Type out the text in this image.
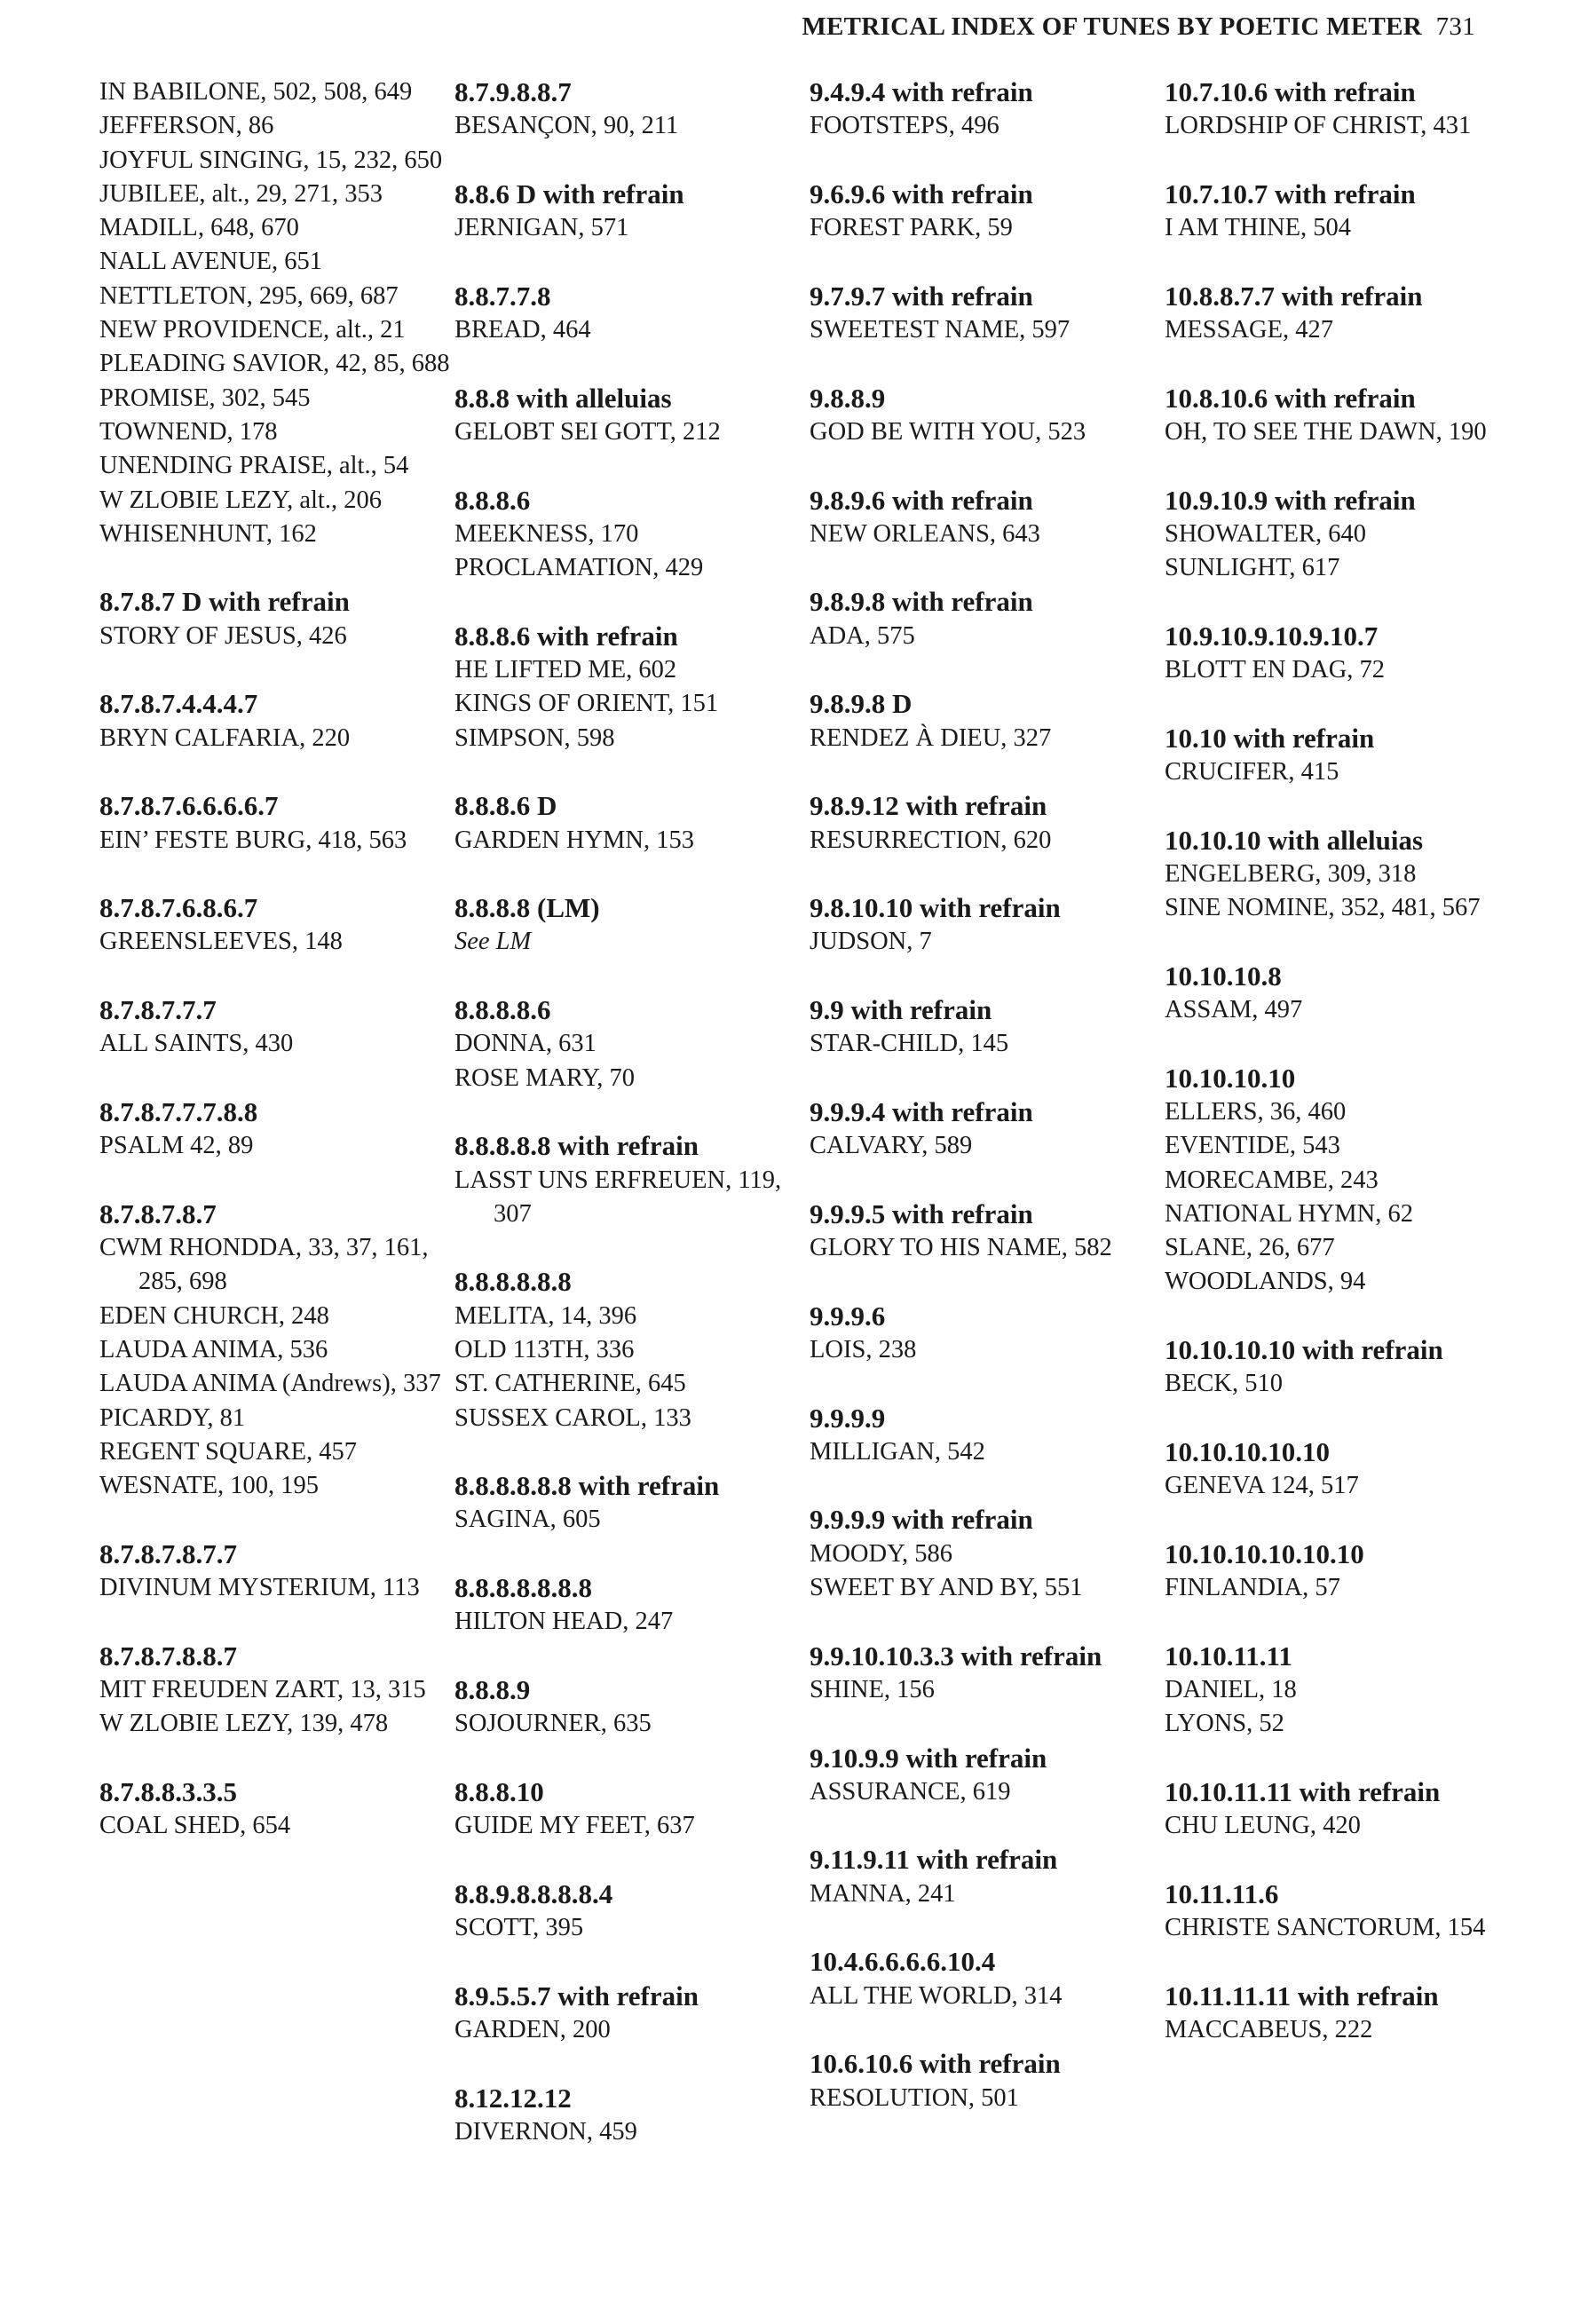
METRICAL INDEX OF TUNES BY POETIC METER 731
IN BABILONE, 502, 508, 649
JEFFERSON, 86
JOYFUL SINGING, 15, 232, 650
JUBILEE, alt., 29, 271, 353
MADILL, 648, 670
NALL AVENUE, 651
NETTLETON, 295, 669, 687
NEW PROVIDENCE, alt., 21
PLEADING SAVIOR, 42, 85, 688
PROMISE, 302, 545
TOWNEND, 178
UNENDING PRAISE, alt., 54
W ZLOBIE LEZY, alt., 206
WHISENHUNT, 162
8.7.8.7 D with refrain
STORY OF JESUS, 426
8.7.8.7.4.4.4.7
BRYN CALFARIA, 220
8.7.8.7.6.6.6.6.7
EIN’ FESTE BURG, 418, 563
8.7.8.7.6.8.6.7
GREENSLEEVES, 148
8.7.8.7.7.7
ALL SAINTS, 430
8.7.8.7.7.7.8.8
PSALM 42, 89
8.7.8.7.8.7
CWM RHONDDA, 33, 37, 161, 285, 698
EDEN CHURCH, 248
LAUDA ANIMA, 536
LAUDA ANIMA (Andrews), 337
PICARDY, 81
REGENT SQUARE, 457
WESNATE, 100, 195
8.7.8.7.8.7.7
DIVINUM MYSTERIUM, 113
8.7.8.7.8.8.7
MIT FREUDEN ZART, 13, 315
W ZLOBIE LEZY, 139, 478
8.7.8.8.3.3.5
COAL SHED, 654
8.7.9.8.8.7
BESANÇON, 90, 211
8.8.6 D with refrain
JERNIGAN, 571
8.8.7.7.8
BREAD, 464
8.8.8 with alleluias
GELOBT SEI GOTT, 212
8.8.8.6
MEEKNESS, 170
PROCLAMATION, 429
8.8.8.6 with refrain
HE LIFTED ME, 602
KINGS OF ORIENT, 151
SIMPSON, 598
8.8.8.6 D
GARDEN HYMN, 153
8.8.8.8 (LM)
See LM
8.8.8.8.6
DONNA, 631
ROSE MARY, 70
8.8.8.8.8 with refrain
LASST UNS ERFREUEN, 119, 307
8.8.8.8.8.8
MELITA, 14, 396
OLD 113TH, 336
ST. CATHERINE, 645
SUSSEX CAROL, 133
8.8.8.8.8.8 with refrain
SAGINA, 605
8.8.8.8.8.8.8
HILTON HEAD, 247
8.8.8.9
SOJOURNER, 635
8.8.8.10
GUIDE MY FEET, 637
8.8.9.8.8.8.8.4
SCOTT, 395
8.9.5.5.7 with refrain
GARDEN, 200
8.12.12.12
DIVERNON, 459
9.4.9.4 with refrain
FOOTSTEPS, 496
9.6.9.6 with refrain
FOREST PARK, 59
9.7.9.7 with refrain
SWEETEST NAME, 597
9.8.8.9
GOD BE WITH YOU, 523
9.8.9.6 with refrain
NEW ORLEANS, 643
9.8.9.8 with refrain
ADA, 575
9.8.9.8 D
RENDEZ À DIEU, 327
9.8.9.12 with refrain
RESURRECTION, 620
9.8.10.10 with refrain
JUDSON, 7
9.9 with refrain
STAR-CHILD, 145
9.9.9.4 with refrain
CALVARY, 589
9.9.9.5 with refrain
GLORY TO HIS NAME, 582
9.9.9.6
LOIS, 238
9.9.9.9
MILLIGAN, 542
9.9.9.9 with refrain
MOODY, 586
SWEET BY AND BY, 551
9.9.10.10.3.3 with refrain
SHINE, 156
9.10.9.9 with refrain
ASSURANCE, 619
9.11.9.11 with refrain
MANNA, 241
10.4.6.6.6.6.10.4
ALL THE WORLD, 314
10.6.10.6 with refrain
RESOLUTION, 501
10.7.10.6 with refrain
LORDSHIP OF CHRIST, 431
10.7.10.7 with refrain
I AM THINE, 504
10.8.8.7.7 with refrain
MESSAGE, 427
10.8.10.6 with refrain
OH, TO SEE THE DAWN, 190
10.9.10.9 with refrain
SHOWALTER, 640
SUNLIGHT, 617
10.9.10.9.10.9.10.7
BLOTT EN DAG, 72
10.10 with refrain
CRUCIFER, 415
10.10.10 with alleluias
ENGELBERG, 309, 318
SINE NOMINE, 352, 481, 567
10.10.10.8
ASSAM, 497
10.10.10.10
ELLERS, 36, 460
EVENTIDE, 543
MORECAMBE, 243
NATIONAL HYMN, 62
SLANE, 26, 677
WOODLANDS, 94
10.10.10.10 with refrain
BECK, 510
10.10.10.10.10
GENEVA 124, 517
10.10.10.10.10.10
FINLANDIA, 57
10.10.11.11
DANIEL, 18
LYONS, 52
10.10.11.11 with refrain
CHU LEUNG, 420
10.11.11.6
CHRISTE SANCTORUM, 154
10.11.11.11 with refrain
MACCABEUS, 222
